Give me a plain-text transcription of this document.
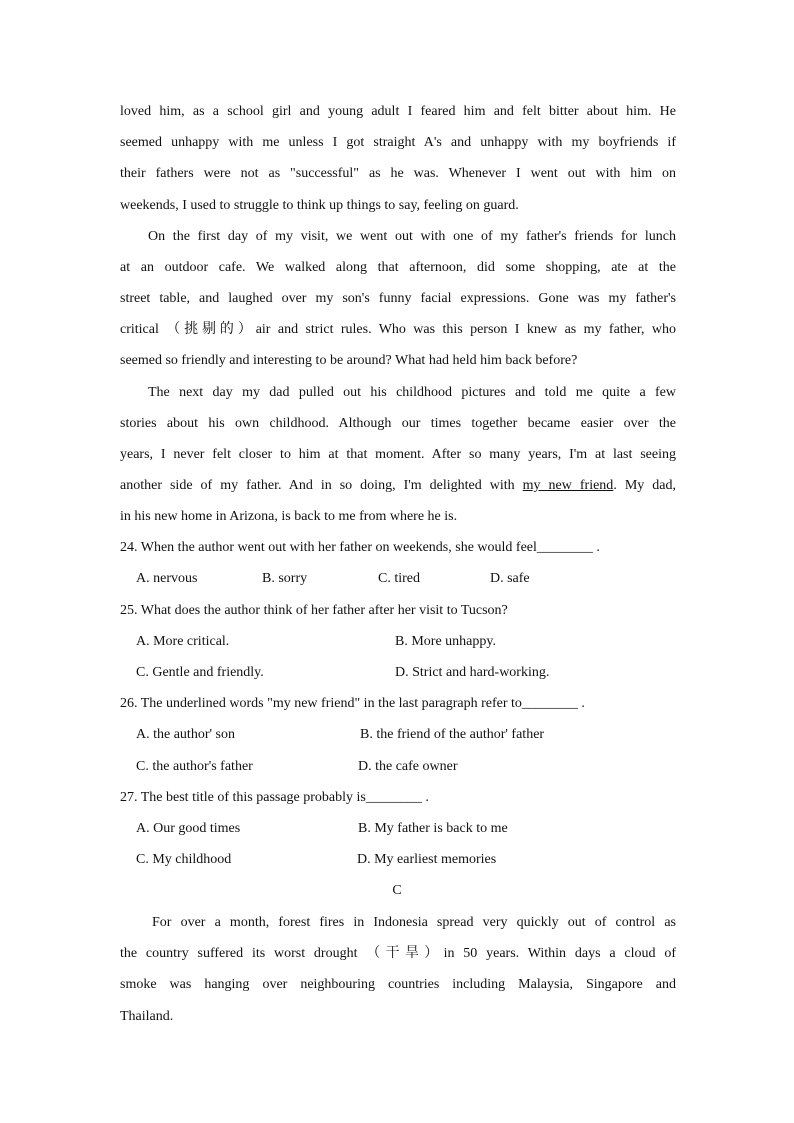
loved him, as a school girl and young adult I feared him and felt bitter about him. He
seemed unhappy with me unless I got straight A's and unhappy with my boyfriends if
their fathers were not as "successful" as he was. Whenever I went out with him on
weekends, I used to struggle to think up things to say, feeling on guard.
On the first day of my visit, we went out with one of my father's friends for lunch
at an outdoor cafe. We walked along that afternoon, did some shopping, ate at the
street table, and laughed over my son's funny facial expressions. Gone was my father's
critical （挑剔的）air and strict rules. Who was this person I knew as my father, who
seemed so friendly and interesting to be around? What had held him back before?
The next day my dad pulled out his childhood pictures and told me quite a few
stories about his own childhood. Although our times together became easier over the
years, I never felt closer to him at that moment. After so many years, I'm at last seeing
another side of my father. And in so doing, I'm delighted with my new friend. My dad,
in his new home in Arizona, is back to me from where he is.
24. When the author went out with her father on weekends, she would feel________ .
A. nervous	B. sorry	C. tired	D. safe
25. What does the author think of her father after her visit to Tucson?
A. More critical.	B. More unhappy.
C. Gentle and friendly.	D. Strict and hard-working.
26. The underlined words "my new friend" in the last paragraph refer to________ .
A. the author' son	B. the friend of the author' father
C. the author's father	D. the cafe owner
27. The best title of this passage probably is________ .
A. Our good times	B. My father is back to me
C. My childhood	D. My earliest memories
C
For over a month, forest fires in Indonesia spread very quickly out of control as
the country suffered its worst drought （干旱）in 50 years. Within days a cloud of
smoke was hanging over neighbouring countries including Malaysia, Singapore and
Thailand.
